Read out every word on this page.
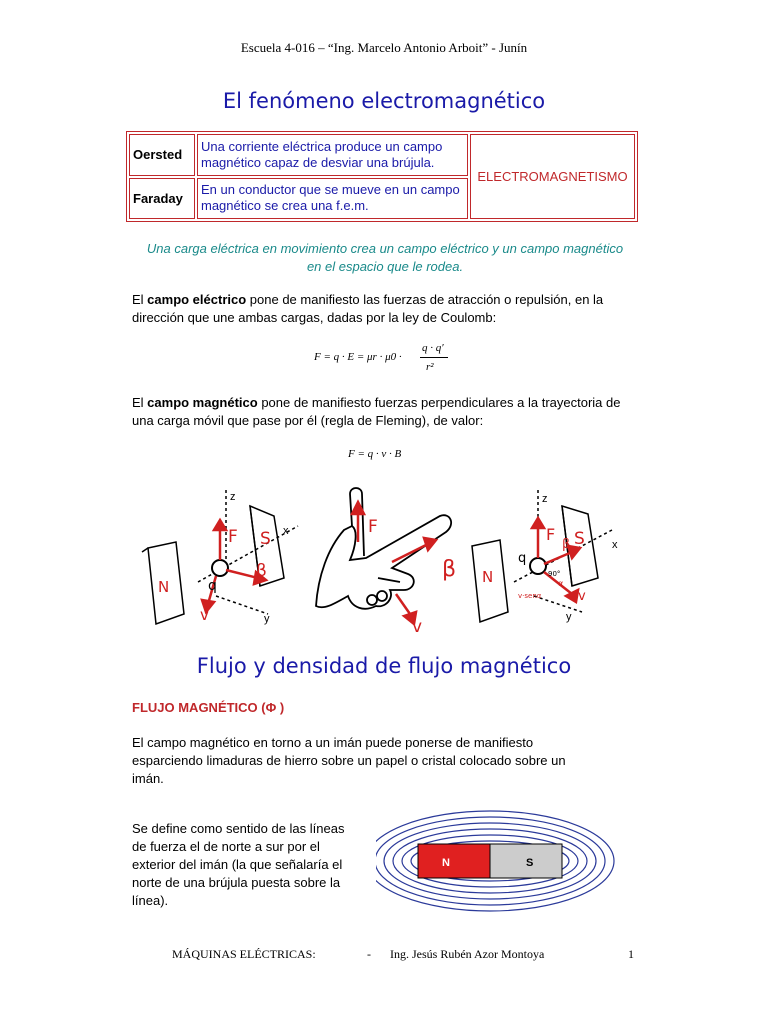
Escuela 4-016 – “Ing. Marcelo Antonio Arboit” - Junín
El fenómeno electromagnético
Oersted	Una corriente eléctrica produce un campo magnético capaz de desviar una brújula.	ELECTROMAGNETISMO
Faraday	En un conductor que se mueve en un campo magnético se crea una f.e.m.	
Una carga eléctrica en movimiento crea un campo eléctrico y un campo magnético en el espacio que le rodea.
El campo eléctrico pone de manifiesto las fuerzas de atracción o repulsión, en la dirección que une ambas cargas, dadas por la ley de Coulomb:
F = q · E = μr · μ0 ·
q · q′
r²
El campo magnético pone de manifiesto fuerzas perpendiculares a la trayectoria de una carga móvil que pase por él (regla de Fleming), de valor:
F = q · v · B
z
x
y
F S
N	q
β
v
F
β
v
z
x
y
F S
N
q
β
v
90°
v·senα
α
Flujo y densidad de flujo magnético
FLUJO MAGNÉTICO (Φ )
El campo magnético en torno a un imán puede ponerse de manifiesto esparciendo limaduras de hierro sobre un papel o cristal colocado sobre un imán.
Se define como sentido de las líneas de fuerza el de norte a sur por el exterior del imán (la que señalaría el norte de una brújula puesta sobre la línea).
N	S
MÁQUINAS ELÉCTRICAS:	- Ing. Jesús Rubén Azor Montoya	1
